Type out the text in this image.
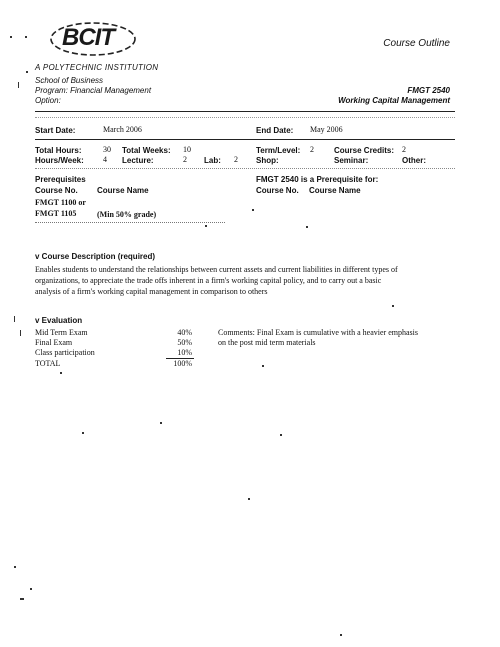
BCIT
A POLYTECHNIC INSTITUTION
Course Outline
School of Business
Program: Financial Management
Option:
FMGT 2540
Working Capital Management
Start Date:	March 2006	End Date: May 2006
Total Hours:	30 Total Weeks: 10	Term/Level: 2	Course Credits: 2
Hours/Week: 4 Lecture:	2 Lab: 2 Shop:	Seminar:	Other:
Prerequisites
Course No. Course Name
FMGT 1100 or
FMGT 1105	(Min 50% grade)
FMGT 2540 is a Prerequisite for:
Course No. Course Name
v Course Description (required)
Enables students to understand the relationships between current assets and current liabilities in different types of
organizations, to appreciate the trade offs inherent in a firm's working capital policy, and to carry out a basic
analysis of a firm's working capital management in comparison to others
v Evaluation
Mid Term Exam	40%
Final Exam	50%
Class participation	10%
TOTAL	100%
Comments: Final Exam is cumulative with a heavier emphasis
on the post mid term materials
